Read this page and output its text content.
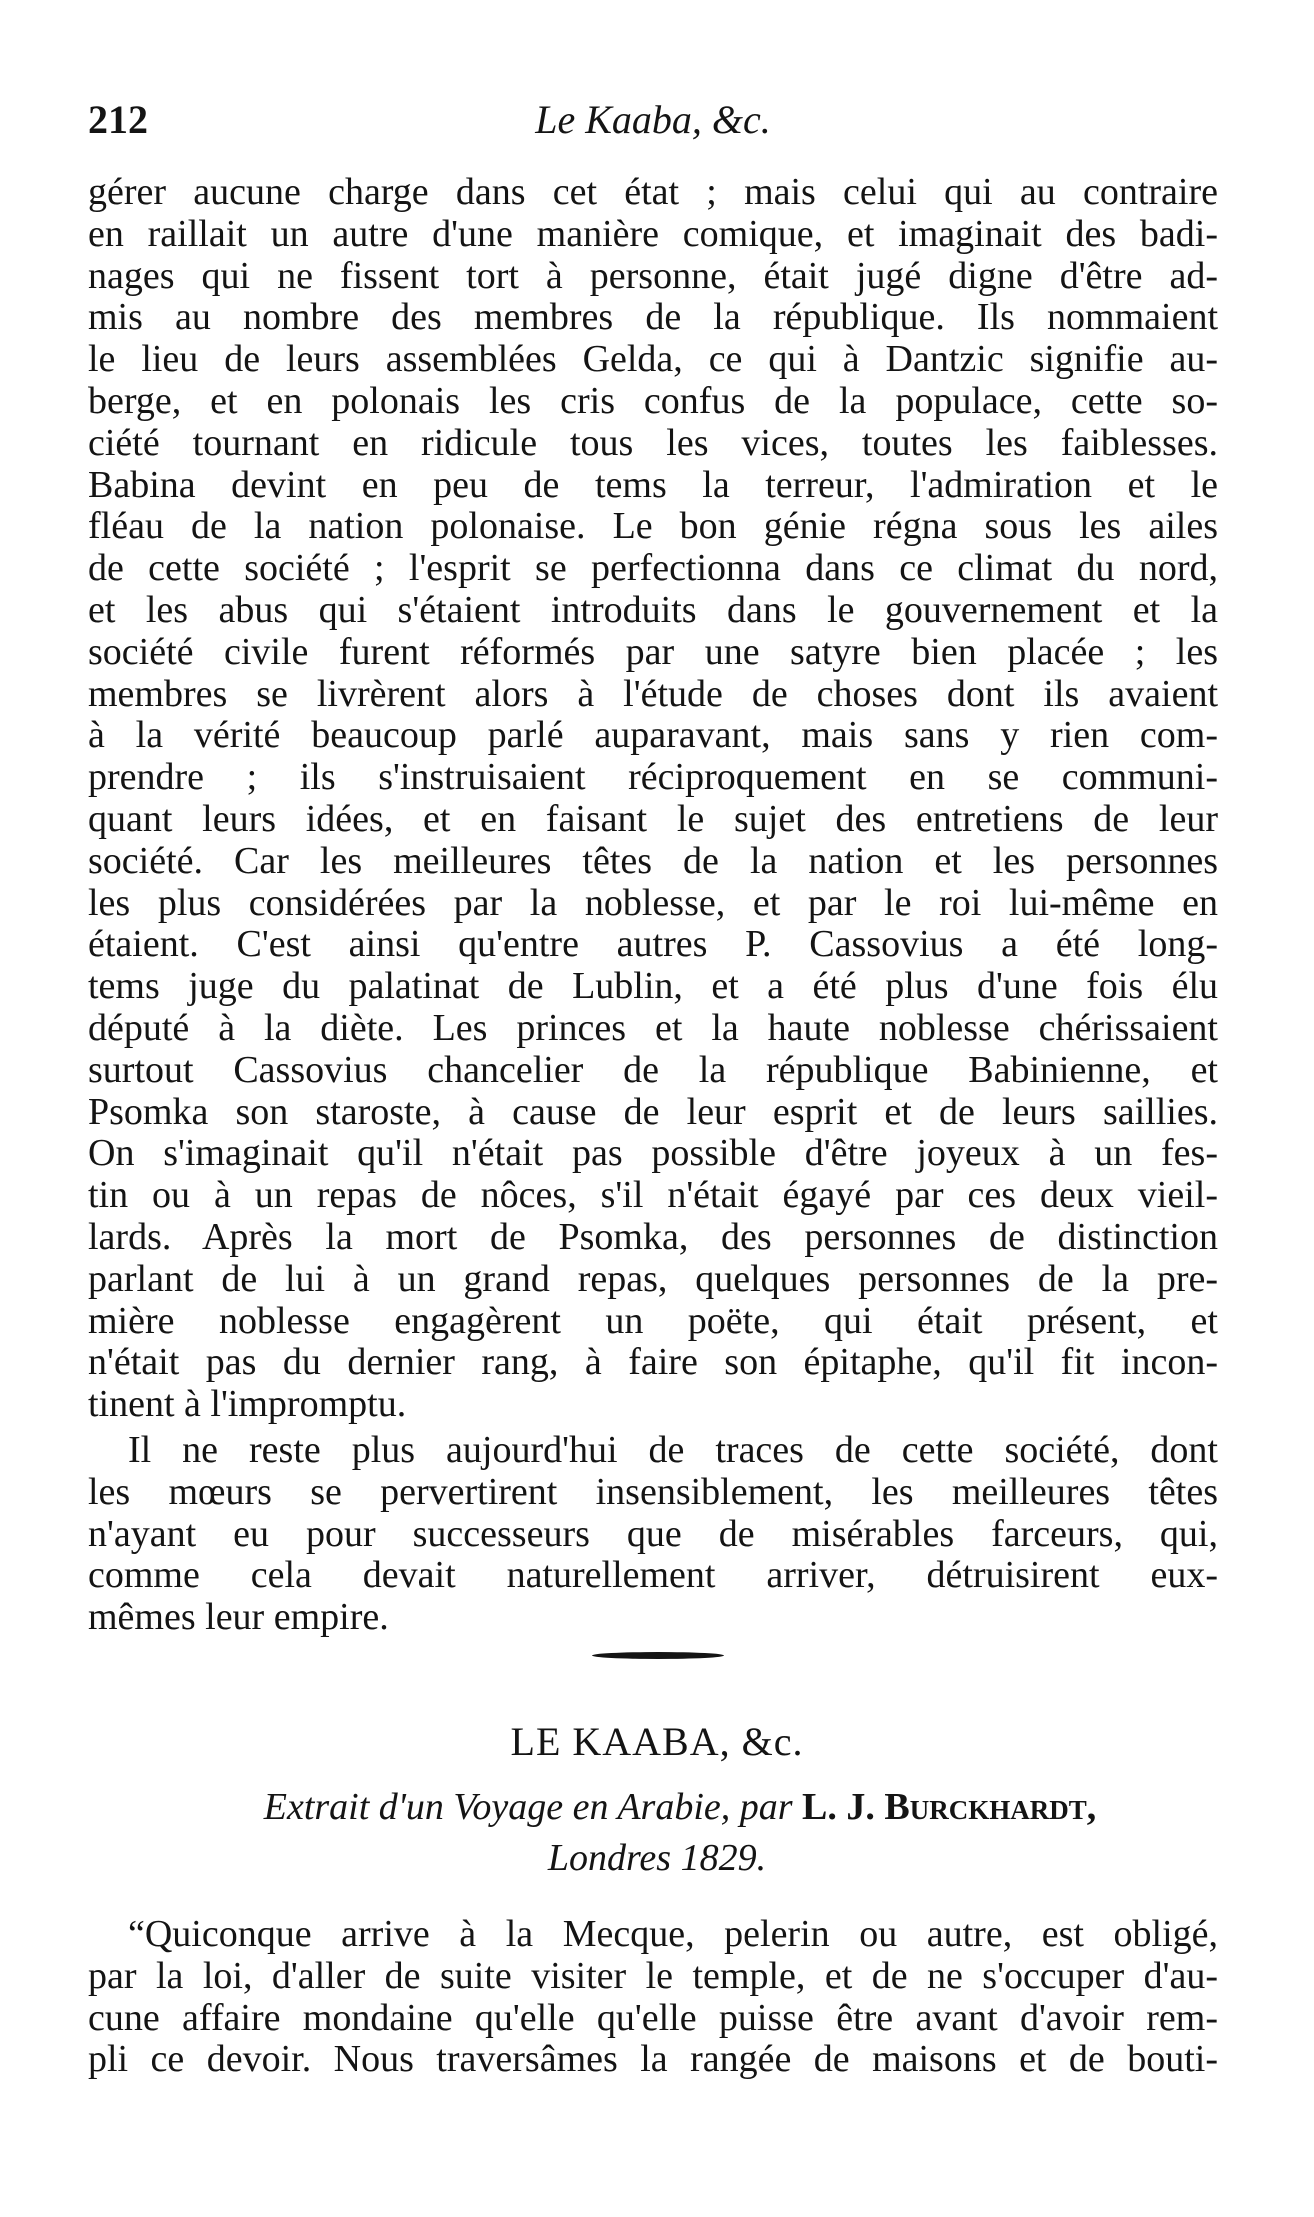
212	Le Kaaba, &c.
gérer aucune charge dans cet état ; mais celui qui au contraire
en raillait un autre d'une manière comique, et imaginait des badi-
nages qui ne fissent tort à personne, était jugé digne d'être ad-
mis au nombre des membres de la république. Ils nommaient
le lieu de leurs assemblées Gelda, ce qui à Dantzic signifie au-
berge, et en polonais les cris confus de la populace, cette so-
ciété tournant en ridicule tous les vices, toutes les faiblesses.
Babina devint en peu de tems la terreur, l'admiration et le
fléau de la nation polonaise. Le bon génie régna sous les ailes
de cette société ; l'esprit se perfectionna dans ce climat du nord,
et les abus qui s'étaient introduits dans le gouvernement et la
société civile furent réformés par une satyre bien placée ; les
membres se livrèrent alors à l'étude de choses dont ils avaient
à la vérité beaucoup parlé auparavant, mais sans y rien com-
prendre ; ils s'instruisaient réciproquement en se communi-
quant leurs idées, et en faisant le sujet des entretiens de leur
société. Car les meilleures têtes de la nation et les personnes
les plus considérées par la noblesse, et par le roi lui-même en
étaient. C'est ainsi qu'entre autres P. Cassovius a été long-
tems juge du palatinat de Lublin, et a été plus d'une fois élu
député à la diète. Les princes et la haute noblesse chérissaient
surtout Cassovius chancelier de la république Babinienne, et
Psomka son staroste, à cause de leur esprit et de leurs saillies.
On s'imaginait qu'il n'était pas possible d'être joyeux à un fes-
tin ou à un repas de nôces, s'il n'était égayé par ces deux vieil-
lards. Après la mort de Psomka, des personnes de distinction
parlant de lui à un grand repas, quelques personnes de la pre-
mière noblesse engagèrent un poëte, qui était présent, et
n'était pas du dernier rang, à faire son épitaphe, qu'il fit incon-
tinent à l'impromptu.
Il ne reste plus aujourd'hui de traces de cette société, dont
les mœurs se pervertirent insensiblement, les meilleures têtes
n'ayant eu pour successeurs que de misérables farceurs, qui,
comme cela devait naturellement arriver, détruisirent eux-
mêmes leur empire.
LE KAABA, &c.
Extrait d'un Voyage en Arabie, par L. J. Burckhardt,
Londres 1829.
“Quiconque arrive à la Mecque, pelerin ou autre, est obligé,
par la loi, d'aller de suite visiter le temple, et de ne s'occuper d'au-
cune affaire mondaine qu'elle qu'elle puisse être avant d'avoir rem-
pli ce devoir. Nous traversâmes la rangée de maisons et de bouti-
